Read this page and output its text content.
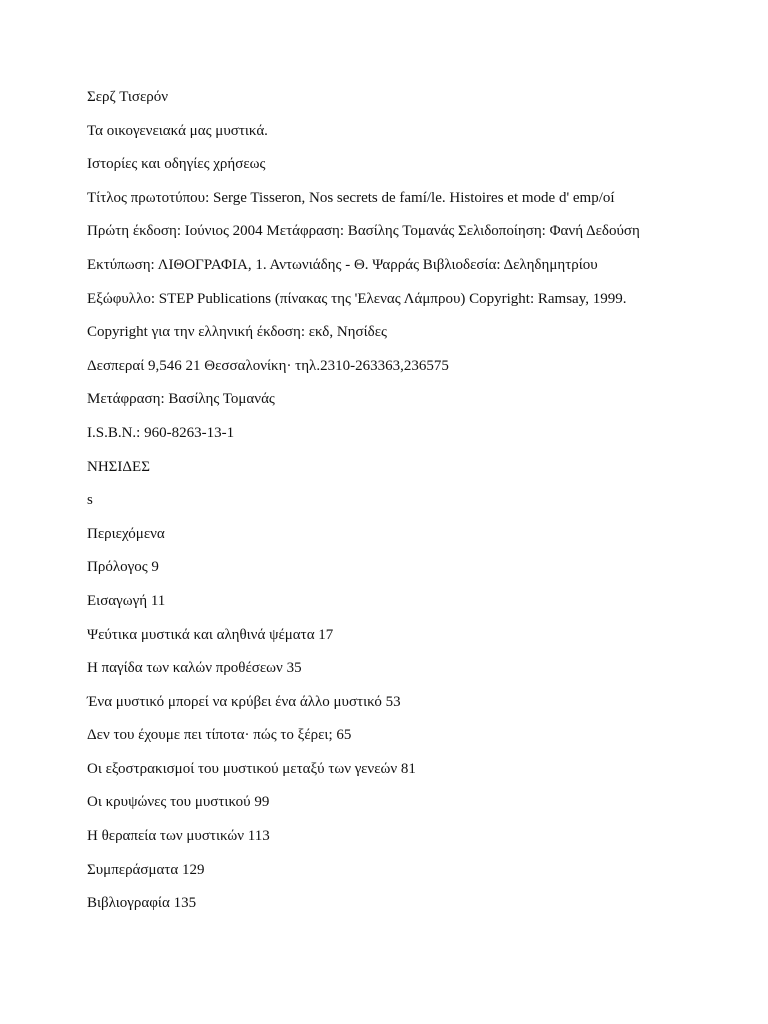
Σερζ Τισερόν
Τα οικογενειακά μας μυστικά.
Ιστορίες και οδηγίες χρήσεως
Τίτλος πρωτοτύπου: Serge Tisseron, Nos secrets de famí/le. Histoires et mode d' emp/oí
Πρώτη έκδοση: Ιούνιος 2004 Μετάφραση: Βασίλης Τομανάς Σελιδοποίηση: Φανή Δεδούση
Εκτύπωση: ΛΙΘΟΓΡΑΦΙΑ, 1. Αντωνιάδης - Θ. Ψαρράς Βιβλιοδεσία: Δεληδημητρίου
Εξώφυλλο: STEP Publications (πίνακας της 'Ελενας Λάμπρου) Copyright: Ramsay, 1999.
Copyright για την ελληνική έκδοση: εκδ, Νησίδες
Δεσπεραί 9,546 21 Θεσσαλονίκη· τηλ.2310-263363,236575
Μετάφραση: Βασίλης Τομανάς
I.S.B.N.: 960-8263-13-1
ΝΗΣΙΔΕΣ
s
Περιεχόμενα
Πρόλογος 9
Εισαγωγή 11
Ψεύτικα μυστικά και αληθινά ψέματα 17
Η παγίδα των καλών προθέσεων 35
Ένα μυστικό μπορεί να κρύβει ένα άλλο μυστικό 53
Δεν του έχουμε πει τίποτα· πώς το ξέρει; 65
Οι εξοστρακισμοί του μυστικού μεταξύ των γενεών 81
Οι κρυψώνες του μυστικού 99
Η θεραπεία των μυστικών 113
Συμπεράσματα 129
Βιβλιογραφία 135
